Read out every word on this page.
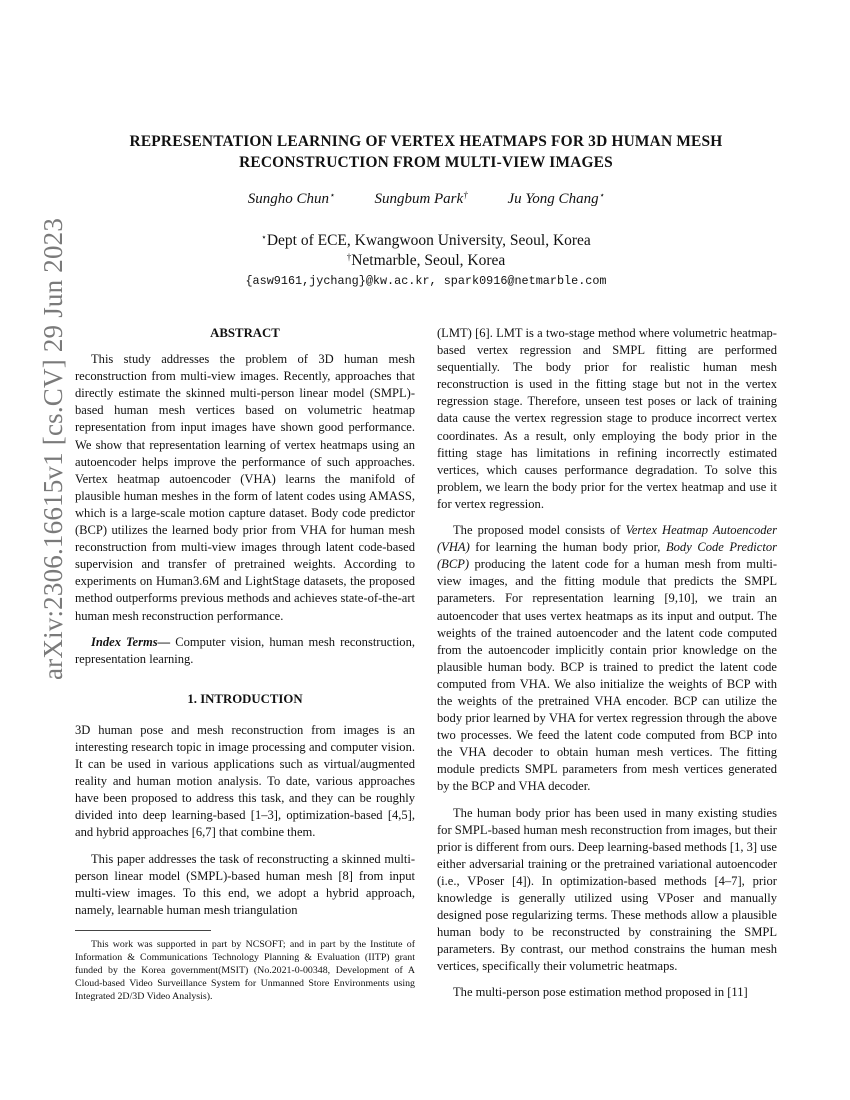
arXiv:2306.16615v1 [cs.CV] 29 Jun 2023
REPRESENTATION LEARNING OF VERTEX HEATMAPS FOR 3D HUMAN MESH RECONSTRUCTION FROM MULTI-VIEW IMAGES
Sungho Chun⋆	Sungbum Park†	Ju Yong Chang⋆
⋆Dept of ECE, Kwangwoon University, Seoul, Korea
†Netmarble, Seoul, Korea
{asw9161,jychang}@kw.ac.kr, spark0916@netmarble.com
ABSTRACT

This study addresses the problem of 3D human mesh reconstruction from multi-view images. Recently, approaches that directly estimate the skinned multi-person linear model (SMPL)-based human mesh vertices based on volumetric heatmap representation from input images have shown good performance. We show that representation learning of vertex heatmaps using an autoencoder helps improve the performance of such approaches. Vertex heatmap autoencoder (VHA) learns the manifold of plausible human meshes in the form of latent codes using AMASS, which is a large-scale motion capture dataset. Body code predictor (BCP) utilizes the learned body prior from VHA for human mesh reconstruction from multi-view images through latent code-based supervision and transfer of pretrained weights. According to experiments on Human3.6M and LightStage datasets, the proposed method outperforms previous methods and achieves state-of-the-art human mesh reconstruction performance.

Index Terms— Computer vision, human mesh reconstruction, representation learning.

1. INTRODUCTION

3D human pose and mesh reconstruction from images is an interesting research topic in image processing and computer vision. It can be used in various applications such as virtual/augmented reality and human motion analysis. To date, various approaches have been proposed to address this task, and they can be roughly divided into deep learning-based [1–3], optimization-based [4,5], and hybrid approaches [6,7] that combine them.

This paper addresses the task of reconstructing a skinned multi-person linear model (SMPL)-based human mesh [8] from input multi-view images. To this end, we adopt a hybrid approach, namely, learnable human mesh triangulation

This work was supported in part by NCSOFT; and in part by the Institute of Information & Communications Technology Planning & Evaluation (IITP) grant funded by the Korea government(MSIT) (No.2021-0-00348, Development of A Cloud-based Video Surveillance System for Unmanned Store Environments using Integrated 2D/3D Video Analysis).

(LMT) [6]. LMT is a two-stage method where volumetric heatmap-based vertex regression and SMPL fitting are performed sequentially. The body prior for realistic human mesh reconstruction is used in the fitting stage but not in the vertex regression stage. Therefore, unseen test poses or lack of training data cause the vertex regression stage to produce incorrect vertex coordinates. As a result, only employing the body prior in the fitting stage has limitations in refining incorrectly estimated vertices, which causes performance degradation. To solve this problem, we learn the body prior for the vertex heatmap and use it for vertex regression.

The proposed model consists of Vertex Heatmap Autoencoder (VHA) for learning the human body prior, Body Code Predictor (BCP) producing the latent code for a human mesh from multi-view images, and the fitting module that predicts the SMPL parameters. For representation learning [9,10], we train an autoencoder that uses vertex heatmaps as its input and output. The weights of the trained autoencoder and the latent code computed from the autoencoder implicitly contain prior knowledge on the plausible human body. BCP is trained to predict the latent code computed from VHA. We also initialize the weights of BCP with the weights of the pretrained VHA encoder. BCP can utilize the body prior learned by VHA for vertex regression through the above two processes. We feed the latent code computed from BCP into the VHA decoder to obtain human mesh vertices. The fitting module predicts SMPL parameters from mesh vertices generated by the BCP and VHA decoder.

The human body prior has been used in many existing studies for SMPL-based human mesh reconstruction from images, but their prior is different from ours. Deep learning-based methods [1, 3] use either adversarial training or the pretrained variational autoencoder (i.e., VPoser [4]). In optimization-based methods [4–7], prior knowledge is generally utilized using VPoser and manually designed pose regularizing terms. These methods allow a plausible human body to be reconstructed by constraining the SMPL parameters. By contrast, our method constrains the human mesh vertices, specifically their volumetric heatmaps.

The multi-person pose estimation method proposed in [11]
